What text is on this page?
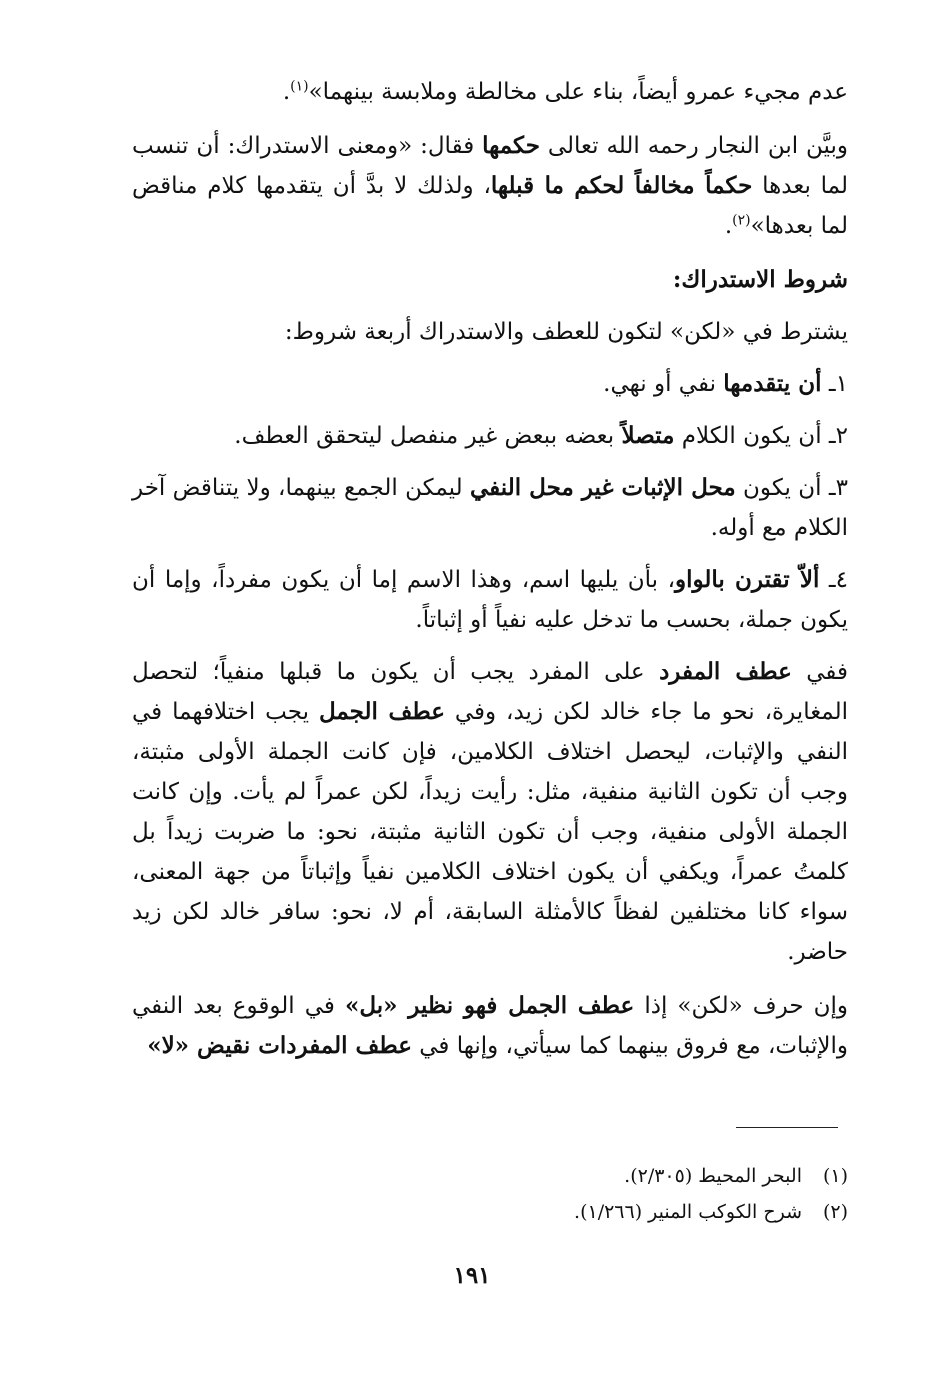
عدم مجيء عمرو أيضاً، بناء على مخالطة وملابسة بينهما»$^{(١)}$.

وبيَّن ابن النجار رحمه الله تعالى حكمها فقال: «ومعنى الاستدراك: أن تنسب لما بعدها حكماً مخالفاً لحكم ما قبلها، ولذلك لا بدَّ أن يتقدمها كلام مناقض لما بعدها»$^{(٢)}$.

شروط الاستدراك:

يشترط في «لكن» لتكون للعطف والاستدراك أربعة شروط:

١ـ أن يتقدمها نفي أو نهي.

٢ـ أن يكون الكلام متصلاً بعضه ببعض غير منفصل ليتحقق العطف.

٣ـ أن يكون محل الإثبات غير محل النفي ليمكن الجمع بينهما، ولا يتناقض آخر الكلام مع أوله.

٤ـ ألاّ تقترن بالواو، بأن يليها اسم، وهذا الاسم إما أن يكون مفرداً، وإما أن يكون جملة، بحسب ما تدخل عليه نفياً أو إثباتاً.

ففي عطف المفرد على المفرد يجب أن يكون ما قبلها منفياً؛ لتحصل المغايرة، نحو ما جاء خالد لكن زيد، وفي عطف الجمل يجب اختلافهما في النفي والإثبات، ليحصل اختلاف الكلامين، فإن كانت الجملة الأولى مثبتة، وجب أن تكون الثانية منفية، مثل: رأيت زيداً، لكن عمراً لم يأت. وإن كانت الجملة الأولى منفية، وجب أن تكون الثانية مثبتة، نحو: ما ضربت زيداً بل كلمتُ عمراً، ويكفي أن يكون اختلاف الكلامين نفياً وإثباتاً من جهة المعنى، سواء كانا مختلفين لفظاً كالأمثلة السابقة، أم لا، نحو: سافر خالد لكن زيد حاضر.

وإن حرف «لكن» إذا عطف الجمل فهو نظير «بل» في الوقوع بعد النفي والإثبات، مع فروق بينهما كما سيأتي، وإنها في عطف المفردات نقيض «لا»

(١)البحر المحيط (٢/٣٠٥).
(٢)شرح الكوكب المنير (١/٢٦٦).
١٩١
